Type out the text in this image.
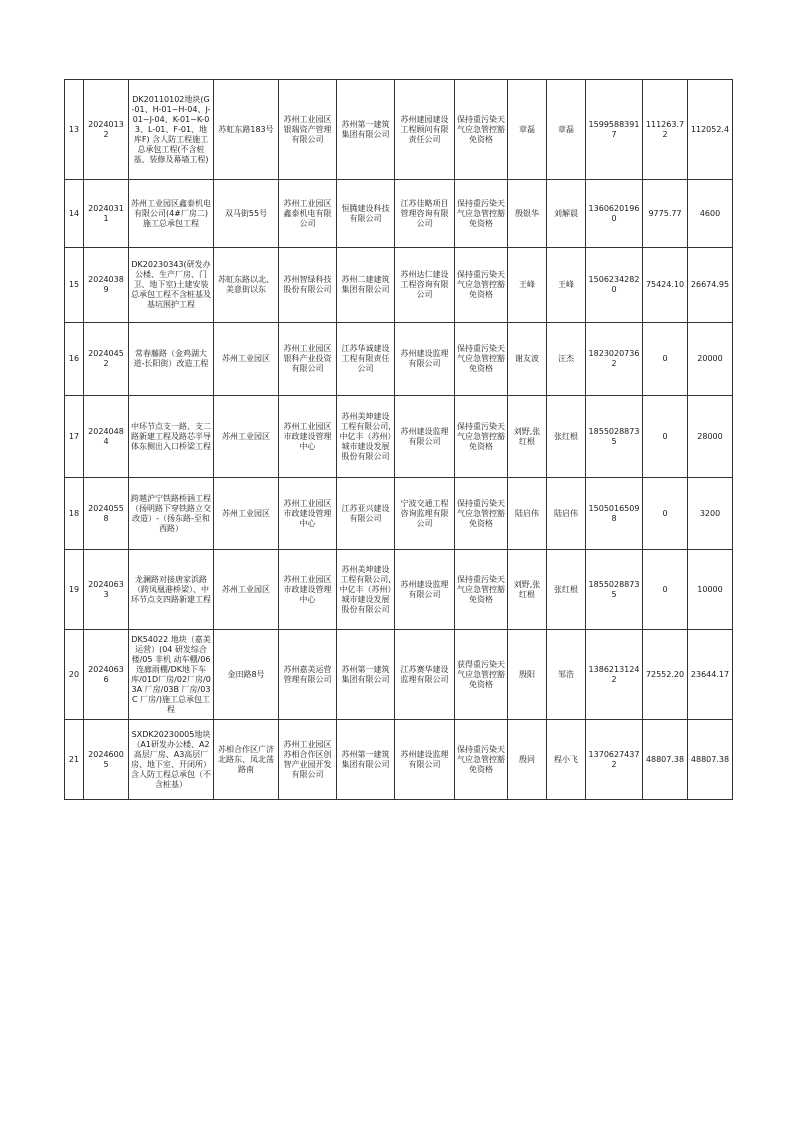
13	20240132	DK20110102地块(G-01、H-01~H-04、J-01~J-04、K-01~K-03、L-01、F-01、地库F) 含人防工程施工总承包工程(不含桩基、装修及幕墙工程)	苏虹东路183号	苏州工业园区银瑞资产管理有限公司	苏州第一建筑集团有限公司	苏州建园建设工程顾问有限责任公司	保持重污染天气应急管控豁免资格	章磊	章磊	15995883917	111263.72	112052.4
14	20240311	苏州工业园区鑫泰机电有限公司(4#厂房二)施工总承包工程	双马街55号	苏州工业园区鑫泰机电有限公司	恒腾建设科技有限公司	江苏佳略项目管理咨询有限公司	保持重污染天气应急管控豁免资格	殷银华	刘解晨	13606201960	9775.77	4600
15	20240389	DK20230343(研发办公楼、生产厂房、门卫、地下室)土建安装总承包工程不含桩基及基坑围护工程	苏虹东路以北、美意街以东	苏州智绿科技股份有限公司	苏州二建建筑集团有限公司	苏州达仁建设工程咨询有限公司	保持重污染天气应急管控豁免资格	王峰	王峰	15062342820	75424.10	26674.95
16	20240452	常春藤路（金鸡湖大道-长阳街）改造工程	苏州工业园区	苏州工业园区银科产业投资有限公司	江苏华诚建设工程有限责任公司	苏州建设监理有限公司	保持重污染天气应急管控豁免资格	谢友波	汪杰	18230207362	0	20000
17	20240484	中环节点支一路、支二路新建工程及路芯半导体东侧出入口桥梁工程	苏州工业园区	苏州工业园区市政建设管理中心	苏州美坤建设工程有限公司,中亿丰（苏州）城市建设发展股份有限公司	苏州建设监理有限公司	保持重污染天气应急管控豁免资格	刘野,张红根	张红根	18550288735	0	28000
18	20240558	跨越沪宁铁路桥涵工程（扬明路下穿铁路立交改造）-（扬东路-至和西路）	苏州工业园区	苏州工业园区市政建设管理中心	江苏亚兴建设有限公司	宁波交通工程咨询监理有限公司	保持重污染天气应急管控豁免资格	陆启伟	陆启伟	15050165098	0	3200
19	20240633	龙澜路对接唐家浜路（跨凤凰港桥梁）、中环节点支四路新建工程	苏州工业园区	苏州工业园区市政建设管理中心	苏州美坤建设工程有限公司,中亿丰（苏州）城市建设发展股份有限公司	苏州建设监理有限公司	保持重污染天气应急管控豁免资格	刘野,张红根	张红根	18550288735	0	10000
20	20240636	DK54022 地块（嘉美运营）(04 研发综合楼/05 非机 动车棚/06 连廊雨棚/DK地下车库/01D厂房/02厂房/03A 厂房/03B 厂房/03C 厂房/)施工总承包工程	金田路8号	苏州嘉美运营管理有限公司	苏州第一建筑集团有限公司	江苏赛华建设监理有限公司	获得重污染天气应急管控豁免资格	殷阳	邹浩	13862131242	72552.20	23644.17
21	20246005	SXDK20230005地块（A1研发办公楼、A2高层厂房、A3高层厂房、地下室、开闭所）含人防工程总承包（不含桩基）	苏相合作区广济北路东、凤北荡路南	苏州工业园区苏相合作区创智产业园开发有限公司	苏州第一建筑集团有限公司	苏州建设监理有限公司	保持重污染天气应急管控豁免资格	殷同	程小飞	13706274372	48807.38	48807.38
